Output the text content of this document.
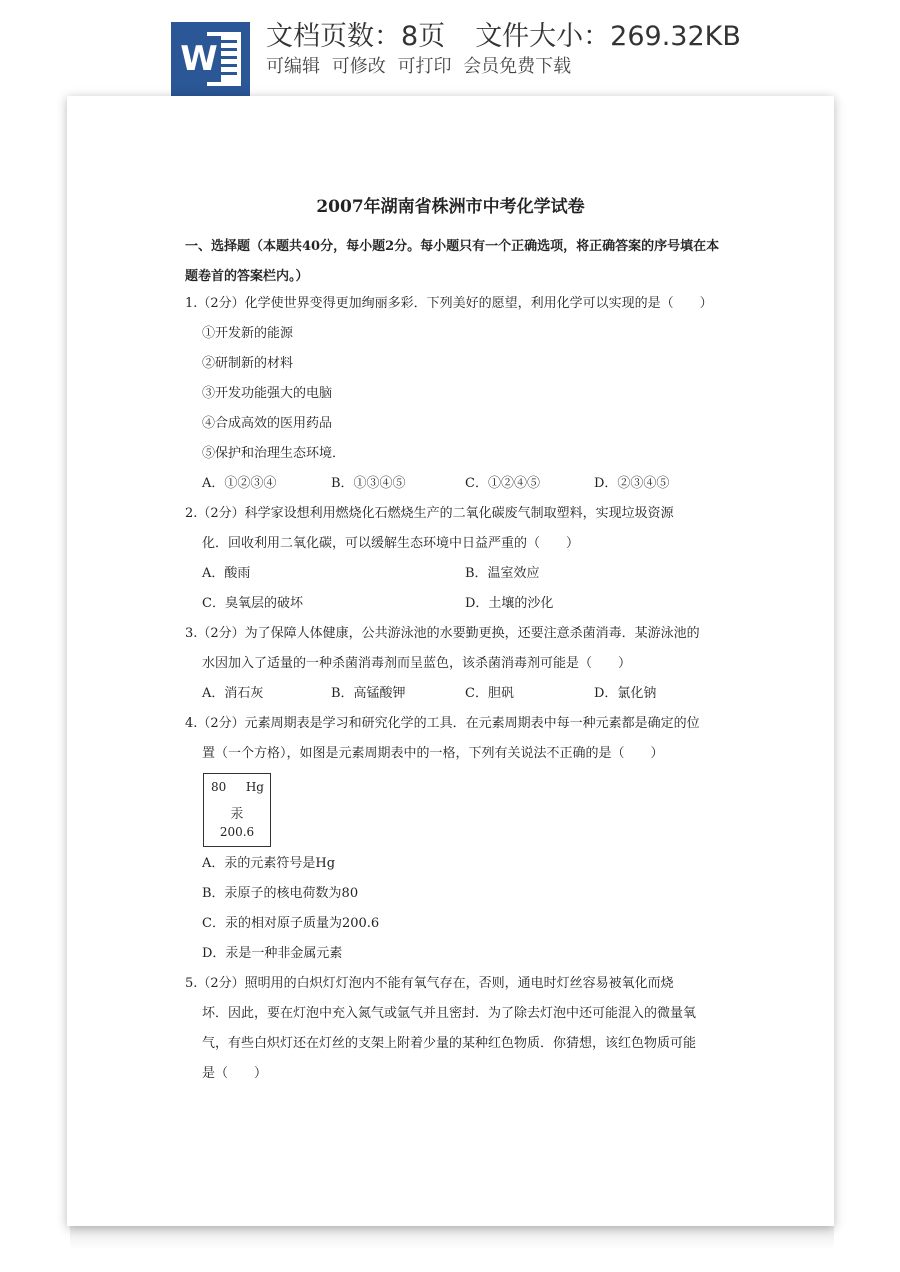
W
文档页数：8页 文件大小：269.32KB
可编辑 可修改 可打印 会员免费下载
2007年湖南省株洲市中考化学试卷
一、选择题（本题共40分，每小题2分。每小题只有一个正确选项，将正确答案的序号填在本题卷首的答案栏内。）
1.（2分）化学使世界变得更加绚丽多彩．下列美好的愿望，利用化学可以实现的是（　　）
①开发新的能源
②研制新的材料
③开发功能强大的电脑
④合成高效的医用药品
⑤保护和治理生态环境．
A．①②③④	B．①③④⑤	C．①②④⑤	D．②③④⑤
2.（2分）科学家设想利用燃烧化石燃烧生产的二氧化碳废气制取塑料，实现垃圾资源
化．回收利用二氧化碳，可以缓解生态环境中日益严重的（　　）
A．酸雨	B．温室效应
C．臭氧层的破坏	D．土壤的沙化
3.（2分）为了保障人体健康，公共游泳池的水要勤更换，还要注意杀菌消毒．某游泳池的
水因加入了适量的一种杀菌消毒剂而呈蓝色，该杀菌消毒剂可能是（　　）
A．消石灰	B．高锰酸钾	C．胆矾	D．氯化钠
4.（2分）元素周期表是学习和研究化学的工具．在元素周期表中每一种元素都是确定的位
置（一个方格），如图是元素周期表中的一格，下列有关说法不正确的是（　　）
80 Hg
汞
200.6
A．汞的元素符号是Hg
B．汞原子的核电荷数为80
C．汞的相对原子质量为200.6
D．汞是一种非金属元素
5.（2分）照明用的白炽灯灯泡内不能有氧气存在，否则，通电时灯丝容易被氧化而烧
坏．因此，要在灯泡中充入氮气或氩气并且密封．为了除去灯泡中还可能混入的微量氧
气，有些白炽灯还在灯丝的支架上附着少量的某种红色物质．你猜想，该红色物质可能
是（　　）
